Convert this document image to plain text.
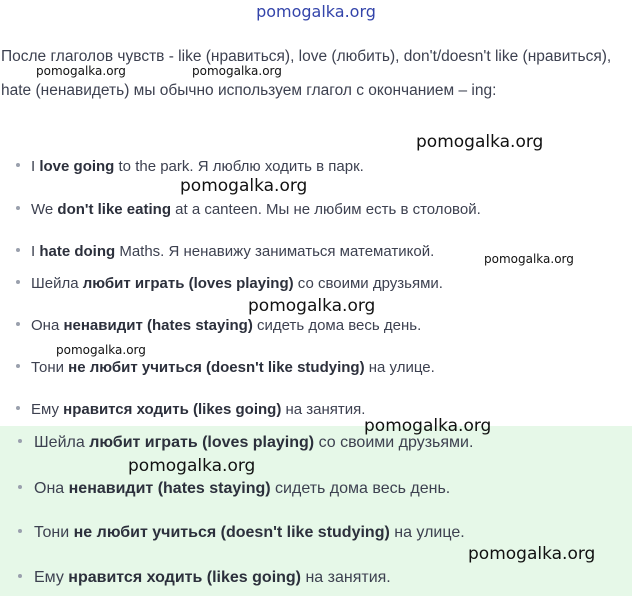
pomogalka.org
После глаголов чувств - like (нравиться), love (любить), don't/doesn't like (нравиться), hate (ненавидеть) мы обычно используем глагол с окончанием – ing:
I love going to the park. Я люблю ходить в парк.
We don't like eating at a canteen. Мы не любим есть в столовой.
I hate doing Maths. Я ненавижу заниматься математикой.
Шейла любит играть (loves playing) со своими друзьями.
Она ненавидит (hates staying) сидеть дома весь день.
Тони не любит учиться (doesn't like studying) на улице.
Ему нравится ходить (likes going) на занятия.
Шейла любит играть (loves playing) со своими друзьями.
Она ненавидит (hates staying) сидеть дома весь день.
Тони не любит учиться (doesn't like studying) на улице.
Ему нравится ходить (likes going) на занятия.
pomogalka.org	pomogalka.org
pomogalka.org
pomogalka.org
pomogalka.org
pomogalka.org
pomogalka.org
pomogalka.org
pomogalka.org
pomogalka.org
